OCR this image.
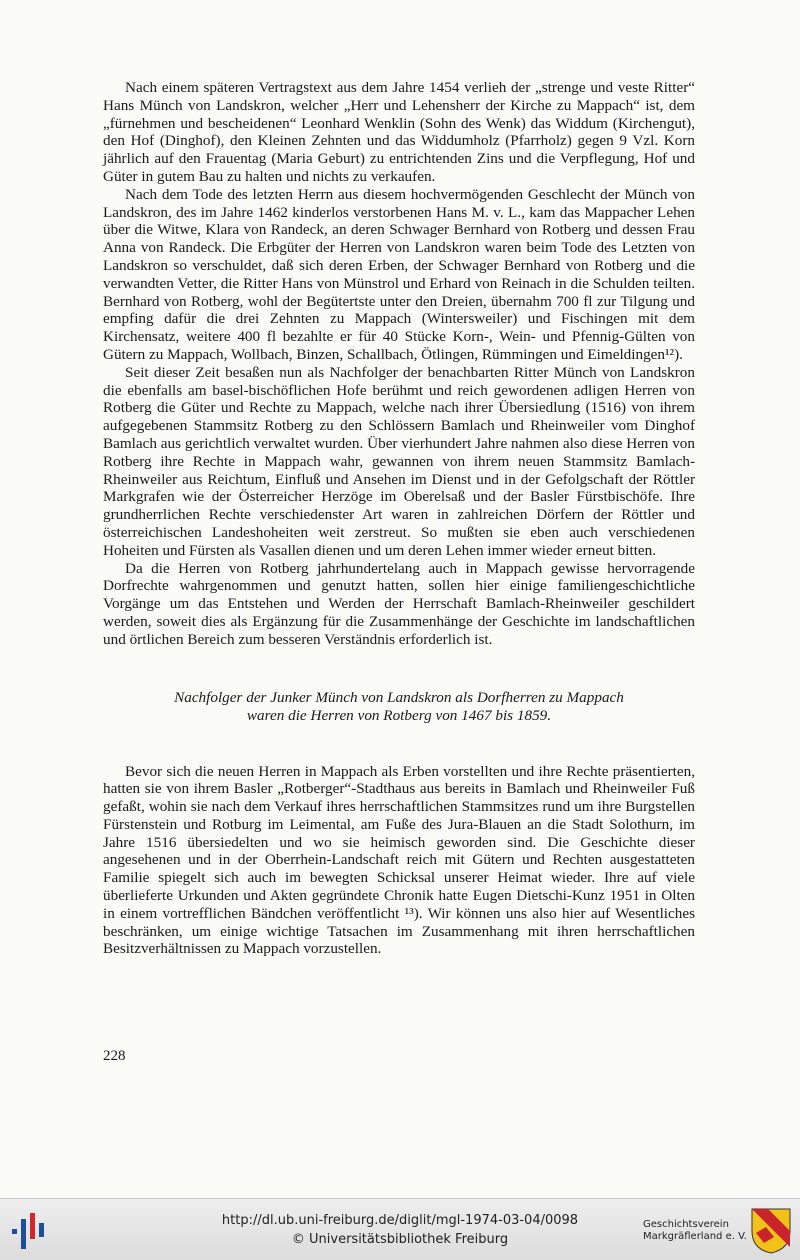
Nach einem späteren Vertragstext aus dem Jahre 1454 verlieh der „strenge und veste Ritter“ Hans Münch von Landskron, welcher „Herr und Lehensherr der Kirche zu Mappach“ ist, dem „fürnehmen und bescheidenen“ Leonhard Wenklin (Sohn des Wenk) das Widdum (Kirchengut), den Hof (Dinghof), den Kleinen Zehnten und das Widdumholz (Pfarrholz) gegen 9 Vzl. Korn jährlich auf den Frauentag (Maria Geburt) zu entrichtenden Zins und die Verpflegung, Hof und Güter in gutem Bau zu halten und nichts zu verkaufen.

Nach dem Tode des letzten Herrn aus diesem hochvermögenden Geschlecht der Münch von Landskron, des im Jahre 1462 kinderlos verstorbenen Hans M. v. L., kam das Mappacher Lehen über die Witwe, Klara von Randeck, an deren Schwager Bernhard von Rotberg und dessen Frau Anna von Randeck. Die Erbgüter der Herren von Landskron waren beim Tode des Letzten von Landskron so verschuldet, daß sich deren Erben, der Schwager Bernhard von Rotberg und die verwandten Vetter, die Ritter Hans von Münstrol und Erhard von Reinach in die Schulden teilten. Bernhard von Rotberg, wohl der Begütertste unter den Dreien, übernahm 700 fl zur Tilgung und empfing dafür die drei Zehnten zu Mappach (Wintersweiler) und Fischingen mit dem Kirchensatz, weitere 400 fl bezahlte er für 40 Stücke Korn-, Wein- und Pfennig-Gülten von Gütern zu Mappach, Wollbach, Binzen, Schallbach, Ötlingen, Rümmingen und Eimeldingen¹²).

Seit dieser Zeit besaßen nun als Nachfolger der benachbarten Ritter Münch von Landskron die ebenfalls am basel-bischöflichen Hofe berühmt und reich gewordenen adligen Herren von Rotberg die Güter und Rechte zu Mappach, welche nach ihrer Übersiedlung (1516) von ihrem aufgegebenen Stammsitz Rotberg zu den Schlössern Bamlach und Rheinweiler vom Dinghof Bamlach aus gerichtlich verwaltet wurden. Über vierhundert Jahre nahmen also diese Herren von Rotberg ihre Rechte in Mappach wahr, gewannen von ihrem neuen Stammsitz Bamlach-Rheinweiler aus Reichtum, Einfluß und Ansehen im Dienst und in der Gefolgschaft der Röttler Markgrafen wie der Österreicher Herzöge im Oberelsaß und der Basler Fürstbischöfe. Ihre grundherrlichen Rechte verschiedenster Art waren in zahlreichen Dörfern der Röttler und österreichischen Landeshoheiten weit zerstreut. So mußten sie eben auch verschiedenen Hoheiten und Fürsten als Vasallen dienen und um deren Lehen immer wieder erneut bitten.

Da die Herren von Rotberg jahrhundertelang auch in Mappach gewisse hervorragende Dorfrechte wahrgenommen und genutzt hatten, sollen hier einige familiengeschichtliche Vorgänge um das Entstehen und Werden der Herrschaft Bamlach-Rheinweiler geschildert werden, soweit dies als Ergänzung für die Zusammenhänge der Geschichte im landschaftlichen und örtlichen Bereich zum besseren Verständnis erforderlich ist.

Nachfolger der Junker Münch von Landskron als Dorfherren zu Mappach
waren die Herren von Rotberg von 1467 bis 1859.

Bevor sich die neuen Herren in Mappach als Erben vorstellten und ihre Rechte präsentierten, hatten sie von ihrem Basler „Rotberger“-Stadthaus aus bereits in Bamlach und Rheinweiler Fuß gefaßt, wohin sie nach dem Verkauf ihres herrschaftlichen Stammsitzes rund um ihre Burgstellen Fürstenstein und Rotburg im Leimental, am Fuße des Jura-Blauen an die Stadt Solothurn, im Jahre 1516 übersiedelten und wo sie heimisch geworden sind. Die Geschichte dieser angesehenen und in der Oberrhein-Landschaft reich mit Gütern und Rechten ausgestatteten Familie spiegelt sich auch im bewegten Schicksal unserer Heimat wieder. Ihre auf viele überlieferte Urkunden und Akten gegründete Chronik hatte Eugen Dietschi-Kunz 1951 in Olten in einem vortrefflichen Bändchen veröffentlicht ¹³). Wir können uns also hier auf Wesentliches beschränken, um einige wichtige Tatsachen im Zusammenhang mit ihren herrschaftlichen Besitzverhältnissen zu Mappach vorzustellen.

228
http://dl.ub.uni-freiburg.de/diglit/mgl-1974-03-04/0098
© Universitätsbibliothek Freiburg
Geschichtsverein
Markgräflerland e. V.
